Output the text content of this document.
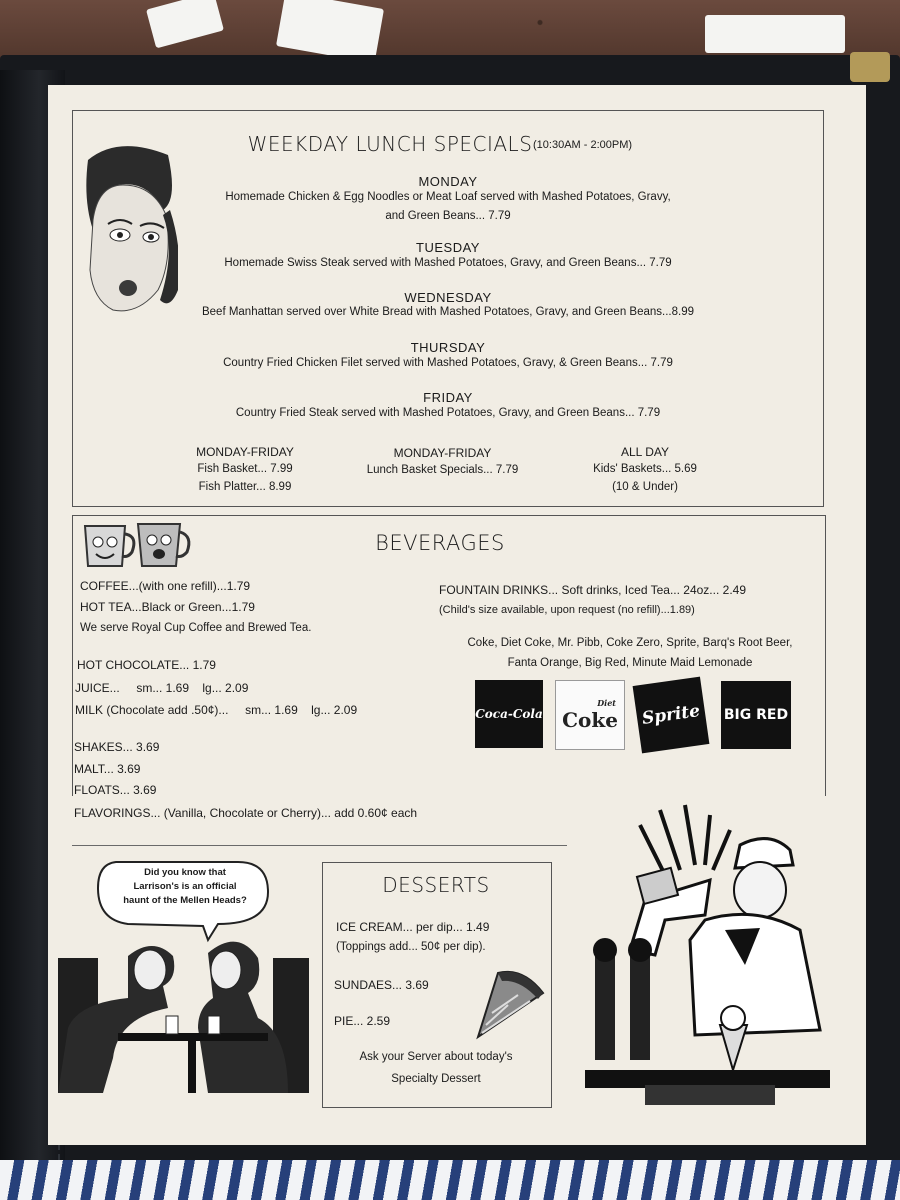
WEEKDAY LUNCH SPECIALS (10:30AM - 2:00PM)
MONDAY
Homemade Chicken & Egg Noodles or Meat Loaf served with Mashed Potatoes, Gravy,
and Green Beans... 7.79
TUESDAY
Homemade Swiss Steak served with Mashed Potatoes, Gravy, and Green Beans... 7.79
WEDNESDAY
Beef Manhattan served over White Bread with Mashed Potatoes, Gravy, and Green Beans...8.99
THURSDAY
Country Fried Chicken Filet served with Mashed Potatoes, Gravy, & Green Beans... 7.79
FRIDAY
Country Fried Steak served with Mashed Potatoes, Gravy, and Green Beans... 7.79
MONDAY-FRIDAY
Fish Basket... 7.99
Fish Platter... 8.99
MONDAY-FRIDAY
Lunch Basket Specials... 7.79
ALL DAY
Kids' Baskets... 5.69
(10 & Under)
BEVERAGES
COFFEE...(with one refill)...1.79
HOT TEA...Black or Green...1.79
We serve Royal Cup Coffee and Brewed Tea.
HOT CHOCOLATE... 1.79
JUICE...     sm... 1.69    lg... 2.09
MILK (Chocolate add .50¢)...     sm... 1.69    lg... 2.09
SHAKES... 3.69
MALT... 3.69
FLOATS... 3.69
FLAVORINGS... (Vanilla, Chocolate or Cherry)... add 0.60¢ each
FOUNTAIN DRINKS... Soft drinks, Iced Tea... 24oz... 2.49
(Child's size available, upon request (no refill)...1.89)
Coke, Diet Coke, Mr. Pibb, Coke Zero, Sprite, Barq's Root Beer,
Fanta Orange, Big Red, Minute Maid Lemonade
Coca-Cola
Diet
Coke	Sprite	BIG RED
Did you know that
Larrison's is an official
haunt of the Mellen Heads?
DESSERTS
ICE CREAM... per dip... 1.49
(Toppings add... 50¢ per dip).
SUNDAES... 3.69
PIE... 2.59
Ask your Server about today's
Specialty Dessert
